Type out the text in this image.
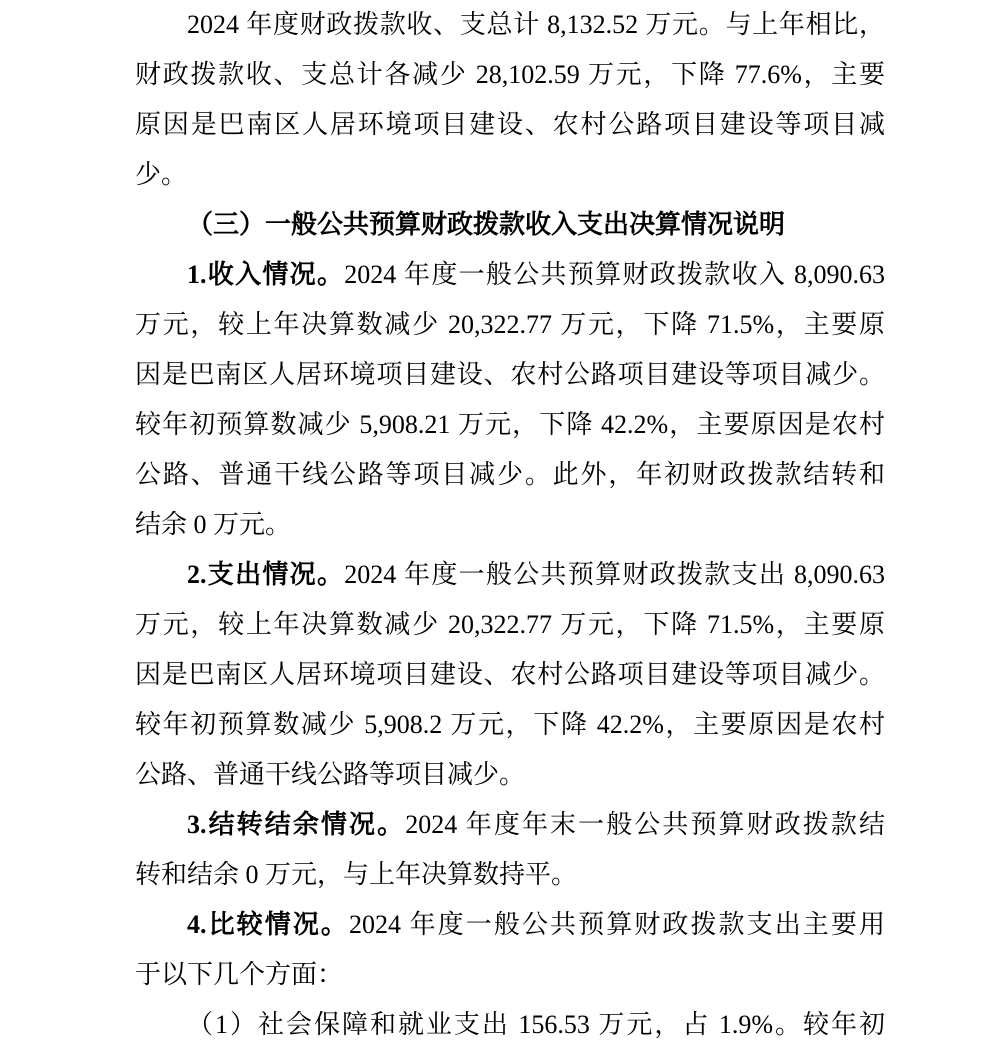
2024 年度财政拨款收、支总计 8,132.52 万元。与上年相比，
财政拨款收、支总计各减少 28,102.59 万元，下降 77.6%，主要
原因是巴南区人居环境项目建设、农村公路项目建设等项目减
少。
（三）一般公共预算财政拨款收入支出决算情况说明
1.收入情况。2024 年度一般公共预算财政拨款收入 8,090.63
万元，较上年决算数减少 20,322.77 万元，下降 71.5%，主要原
因是巴南区人居环境项目建设、农村公路项目建设等项目减少。
较年初预算数减少 5,908.21 万元，下降 42.2%，主要原因是农村
公路、普通干线公路等项目减少。此外，年初财政拨款结转和
结余 0 万元。
2.支出情况。2024 年度一般公共预算财政拨款支出 8,090.63
万元，较上年决算数减少 20,322.77 万元，下降 71.5%，主要原
因是巴南区人居环境项目建设、农村公路项目建设等项目减少。
较年初预算数减少 5,908.2 万元，下降 42.2%，主要原因是农村
公路、普通干线公路等项目减少。
3.结转结余情况。2024 年度年末一般公共预算财政拨款结
转和结余 0 万元，与上年决算数持平。
4.比较情况。2024 年度一般公共预算财政拨款支出主要用
于以下几个方面：
（1）社会保障和就业支出 156.53 万元，占 1.9%。较年初
